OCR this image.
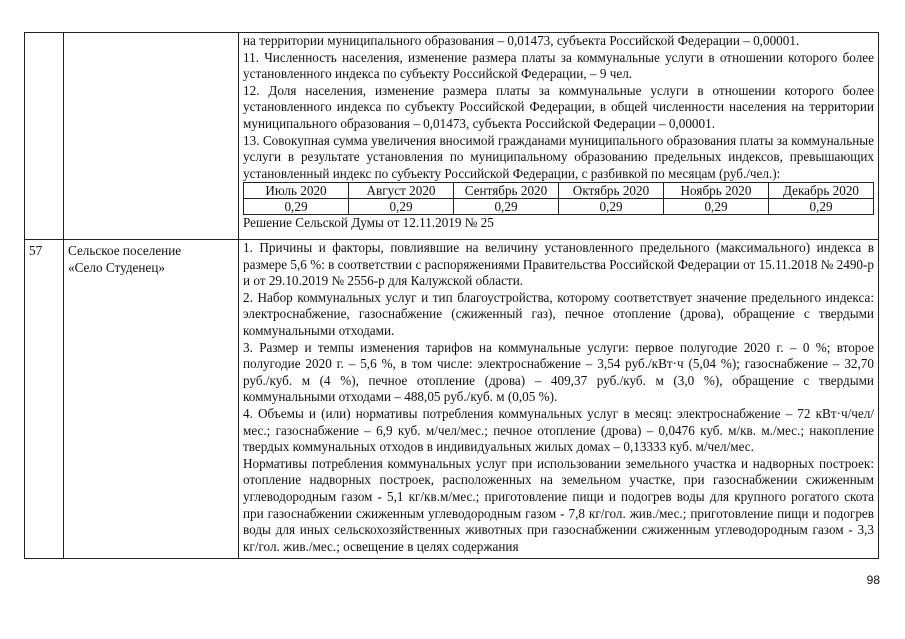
на территории муниципального образования – 0,01473, субъекта Российской Федерации – 0,00001.

11. Численность населения, изменение размера платы за коммунальные услуги в отношении которого более установленного индекса по субъекту Российской Федерации, – 9 чел.

12. Доля населения, изменение размера платы за коммунальные услуги в отношении которого более установленного индекса по субъекту Российской Федерации, в общей численности населения на территории муниципального образования – 0,01473, субъекта Российской Федерации – 0,00001.

13. Совокупная сумма увеличения вносимой гражданами муниципального образования платы за коммунальные услуги в результате установления по муниципальному образованию предельных индексов, превышающих установленный индекс по субъекту Российской Федерации, с разбивкой по месяцам (руб./чел.):

Июль 2020	Август 2020	Сентябрь 2020	Октябрь 2020	Ноябрь 2020	Декабрь 2020
0,29	0,29	0,29	0,29	0,29	0,29

Решение Сельской Думы от 12.11.2019 № 25

57	Сельское поселение
«Село Студенец»

1. Причины и факторы, повлиявшие на величину установленного предельного (максимального) индекса в размере 5,6 %: в соответствии с распоряжениями Правительства Российской Федерации от 15.11.2018 № 2490-р и от 29.10.2019 № 2556-р для Калужской области.

2. Набор коммунальных услуг и тип благоустройства, которому соответствует значение предельного индекса: электроснабжение, газоснабжение (сжиженный газ), печное отопление (дрова), обращение с твердыми коммунальными отходами.

3. Размер и темпы изменения тарифов на коммунальные услуги: первое полугодие 2020 г. – 0 %; второе полугодие 2020 г. – 5,6 %, в том числе: электроснабжение – 3,54 руб./кВт·ч (5,04 %); газоснабжение – 32,70 руб./куб. м (4 %), печное отопление (дрова) – 409,37 руб./куб. м (3,0 %), обращение с твердыми коммунальными отходами – 488,05 руб./куб. м (0,05 %).

4. Объемы и (или) нормативы потребления коммунальных услуг в месяц: электроснабжение – 72 кВт·ч/чел/мес.; газоснабжение – 6,9 куб. м/чел/мес.; печное отопление (дрова) – 0,0476 куб. м/кв. м./мес.; накопление твердых коммунальных отходов в индивидуальных жилых домах – 0,13333 куб. м/чел/мес.

Нормативы потребления коммунальных услуг при использовании земельного участка и надворных построек: отопление надворных построек, расположенных на земельном участке, при газоснабжении сжиженным углеводородным газом - 5,1 кг/кв.м/мес.; приготовление пищи и подогрев воды для крупного рогатого скота при газоснабжении сжиженным углеводородным газом - 7,8 кг/гол. жив./мес.; приготовление пищи и подогрев воды для иных сельскохозяйственных животных при газоснабжении сжиженным углеводородным газом - 3,3 кг/гол. жив./мес.; освещение в целях содержания

98
